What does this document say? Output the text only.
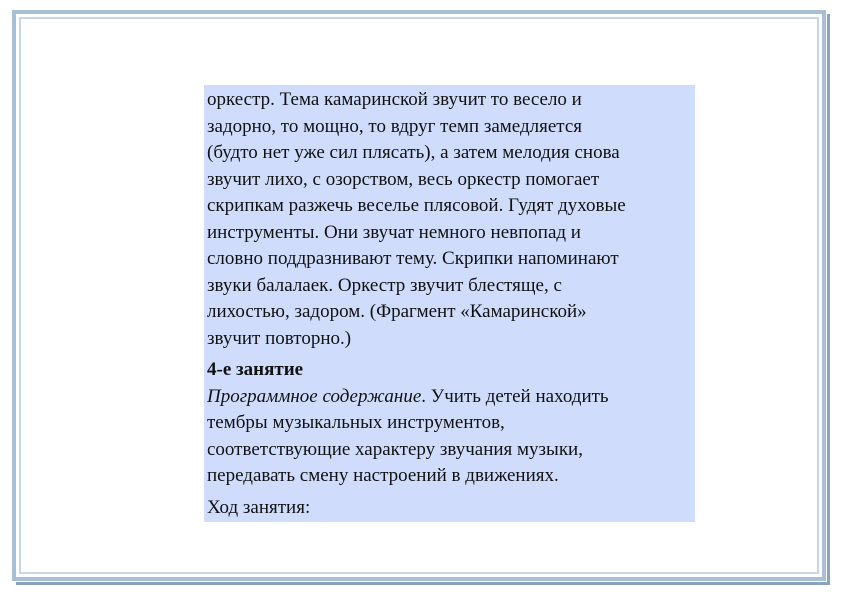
оркестр. Тема камаринской звучит то весело и
задорно, то мощно, то вдруг темп замедляется
(будто нет уже сил плясать), а затем мелодия снова
звучит лихо, с озорством, весь оркестр помогает
скрипкам разжечь веселье плясовой. Гудят духовые
инструменты. Они звучат немного невпопад и
словно поддразнивают тему. Скрипки напоминают
звуки балалаек. Оркестр звучит блестяще, с
лихостью, задором. (Фрагмент «Камаринской»
звучит повторно.)

4-е занятие

Программное содержание. Учить детей находить
тембры музыкальных инструментов,
соответствующие характеру звучания музыки,
передавать смену настроений в движениях.

Ход занятия:
